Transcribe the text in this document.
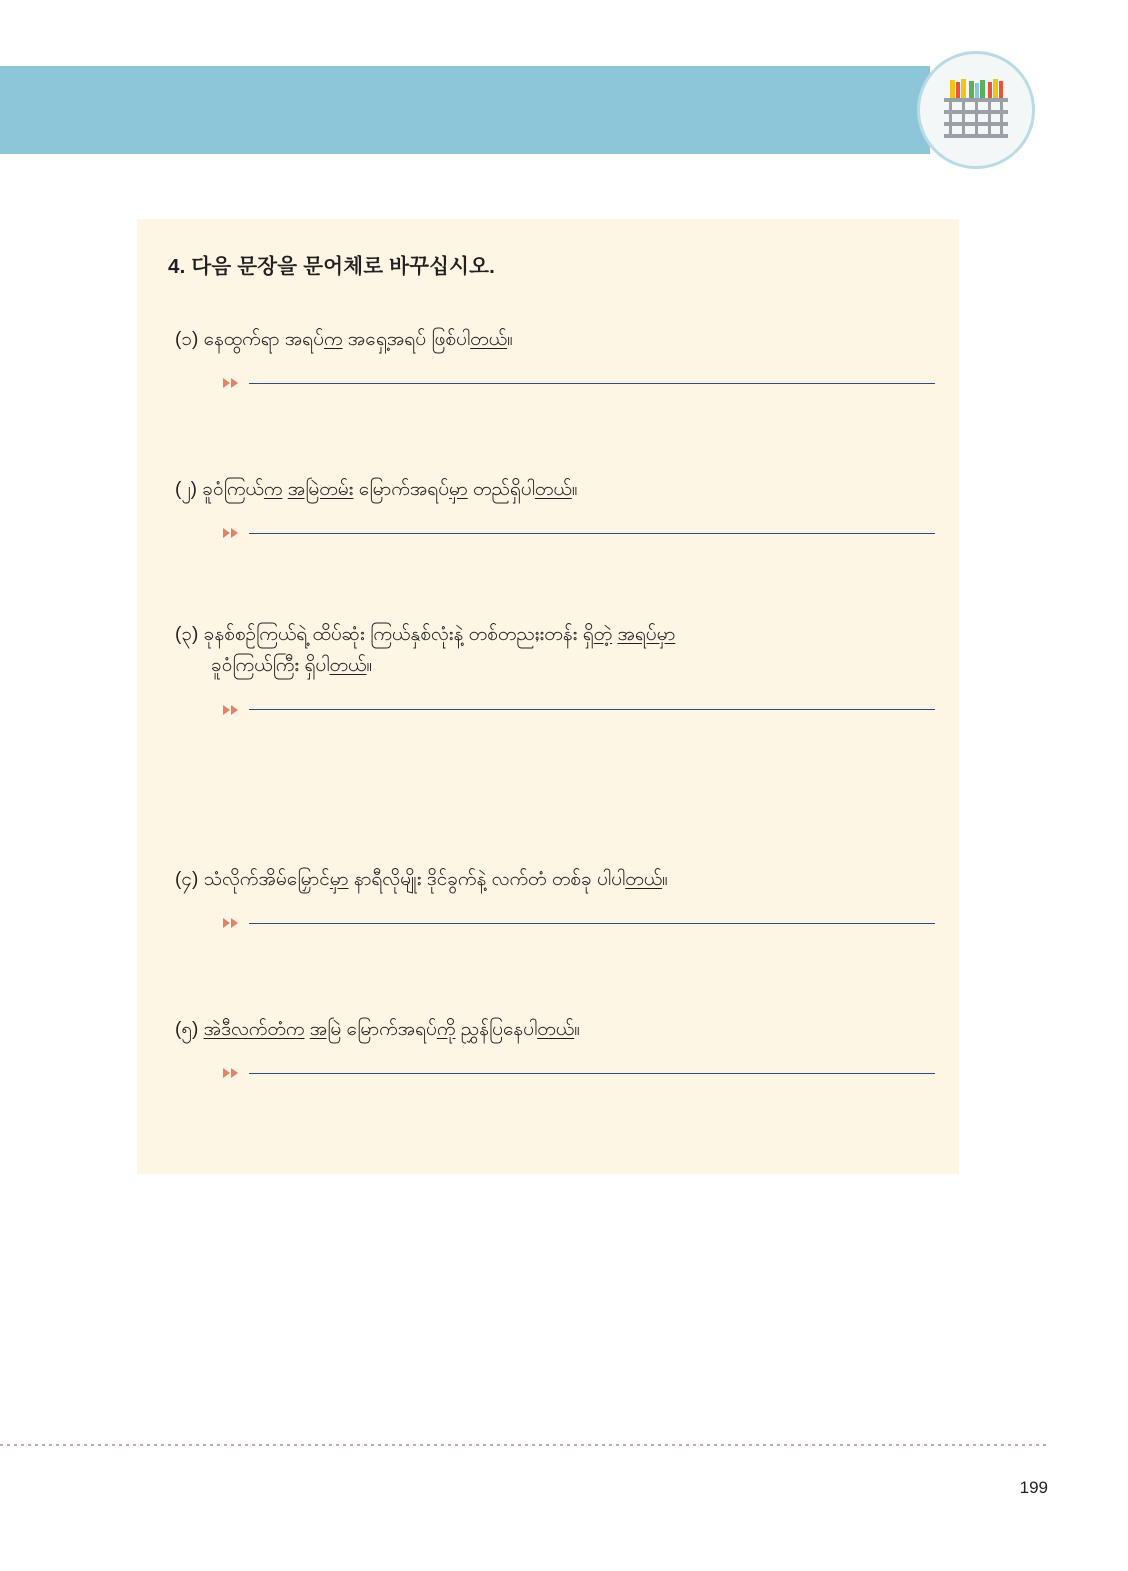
4. 다음 문장을 문어체로 바꾸십시오.
(၁) နေထွက်ရာ အရပ်က အရှေ့အရပ် ဖြစ်ပါတယ်။
(၂) ခူဝံကြယ်က အမြဲတမ်း မြောက်အရပ်မှာ တည်ရှိပါတယ်။
(၃) ခုနစ်စဉ်ကြယ်ရဲ့ ထိပ်ဆုံး ကြယ်နှစ်လုံးနဲ့ တစ်တညႈးတန်း ရှိတဲ့ အရပ်မှာ
ခူဝံကြယ်ကြီး ရှိပါတယ်။
(၄) သံလိုက်အိမ်မြှောင်မှာ နာရီလိုမျိုး ဒိုင်ခွက်နဲ့ လက်တံ တစ်ခု ပါပါတယ်။
(၅) အဲဒီလက်တံက အမြဲ မြောက်အရပ်ကို ညွှန်ပြနေပါတယ်။
199
